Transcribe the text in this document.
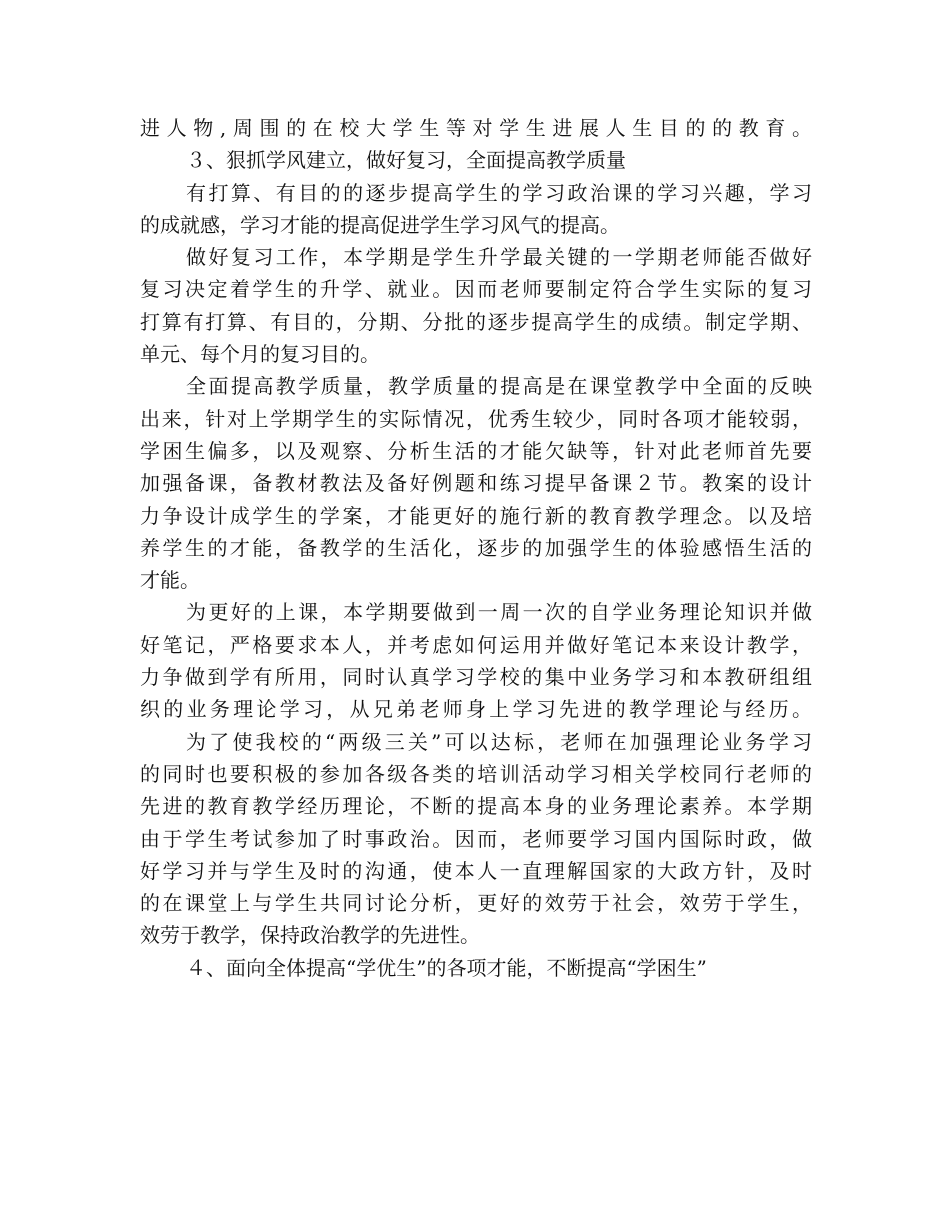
进人物,周围的在校大学生等对学生进展人生目的的教育。
３、狠抓学风建立，做好复习，全面提高教学质量
有打算、有目的的逐步提高学生的学习政治课的学习兴趣，学习
的成就感，学习才能的提高促进学生学习风气的提高。
做好复习工作，本学期是学生升学最关键的一学期老师能否做好
复习决定着学生的升学、就业。因而老师要制定符合学生实际的复习
打算有打算、有目的，分期、分批的逐步提高学生的成绩。制定学期、
单元、每个月的复习目的。
全面提高教学质量，教学质量的提高是在课堂教学中全面的反映
出来，针对上学期学生的实际情况，优秀生较少，同时各项才能较弱，
学困生偏多，以及观察、分析生活的才能欠缺等，针对此老师首先要
加强备课，备教材教法及备好例题和练习提早备课２节。教案的设计
力争设计成学生的学案，才能更好的施行新的教育教学理念。以及培
养学生的才能，备教学的生活化，逐步的加强学生的体验感悟生活的
才能。
为更好的上课，本学期要做到一周一次的自学业务理论知识并做
好笔记，严格要求本人，并考虑如何运用并做好笔记本来设计教学，
力争做到学有所用，同时认真学习学校的集中业务学习和本教研组组
织的业务理论学习，从兄弟老师身上学习先进的教学理论与经历。
为了使我校的“两级三关”可以达标，老师在加强理论业务学习
的同时也要积极的参加各级各类的培训活动学习相关学校同行老师的
先进的教育教学经历理论，不断的提高本身的业务理论素养。本学期
由于学生考试参加了时事政治。因而，老师要学习国内国际时政，做
好学习并与学生及时的沟通，使本人一直理解国家的大政方针，及时
的在课堂上与学生共同讨论分析，更好的效劳于社会，效劳于学生，
效劳于教学，保持政治教学的先进性。
４、面向全体提高“学优生”的各项才能，不断提高“学困生”
